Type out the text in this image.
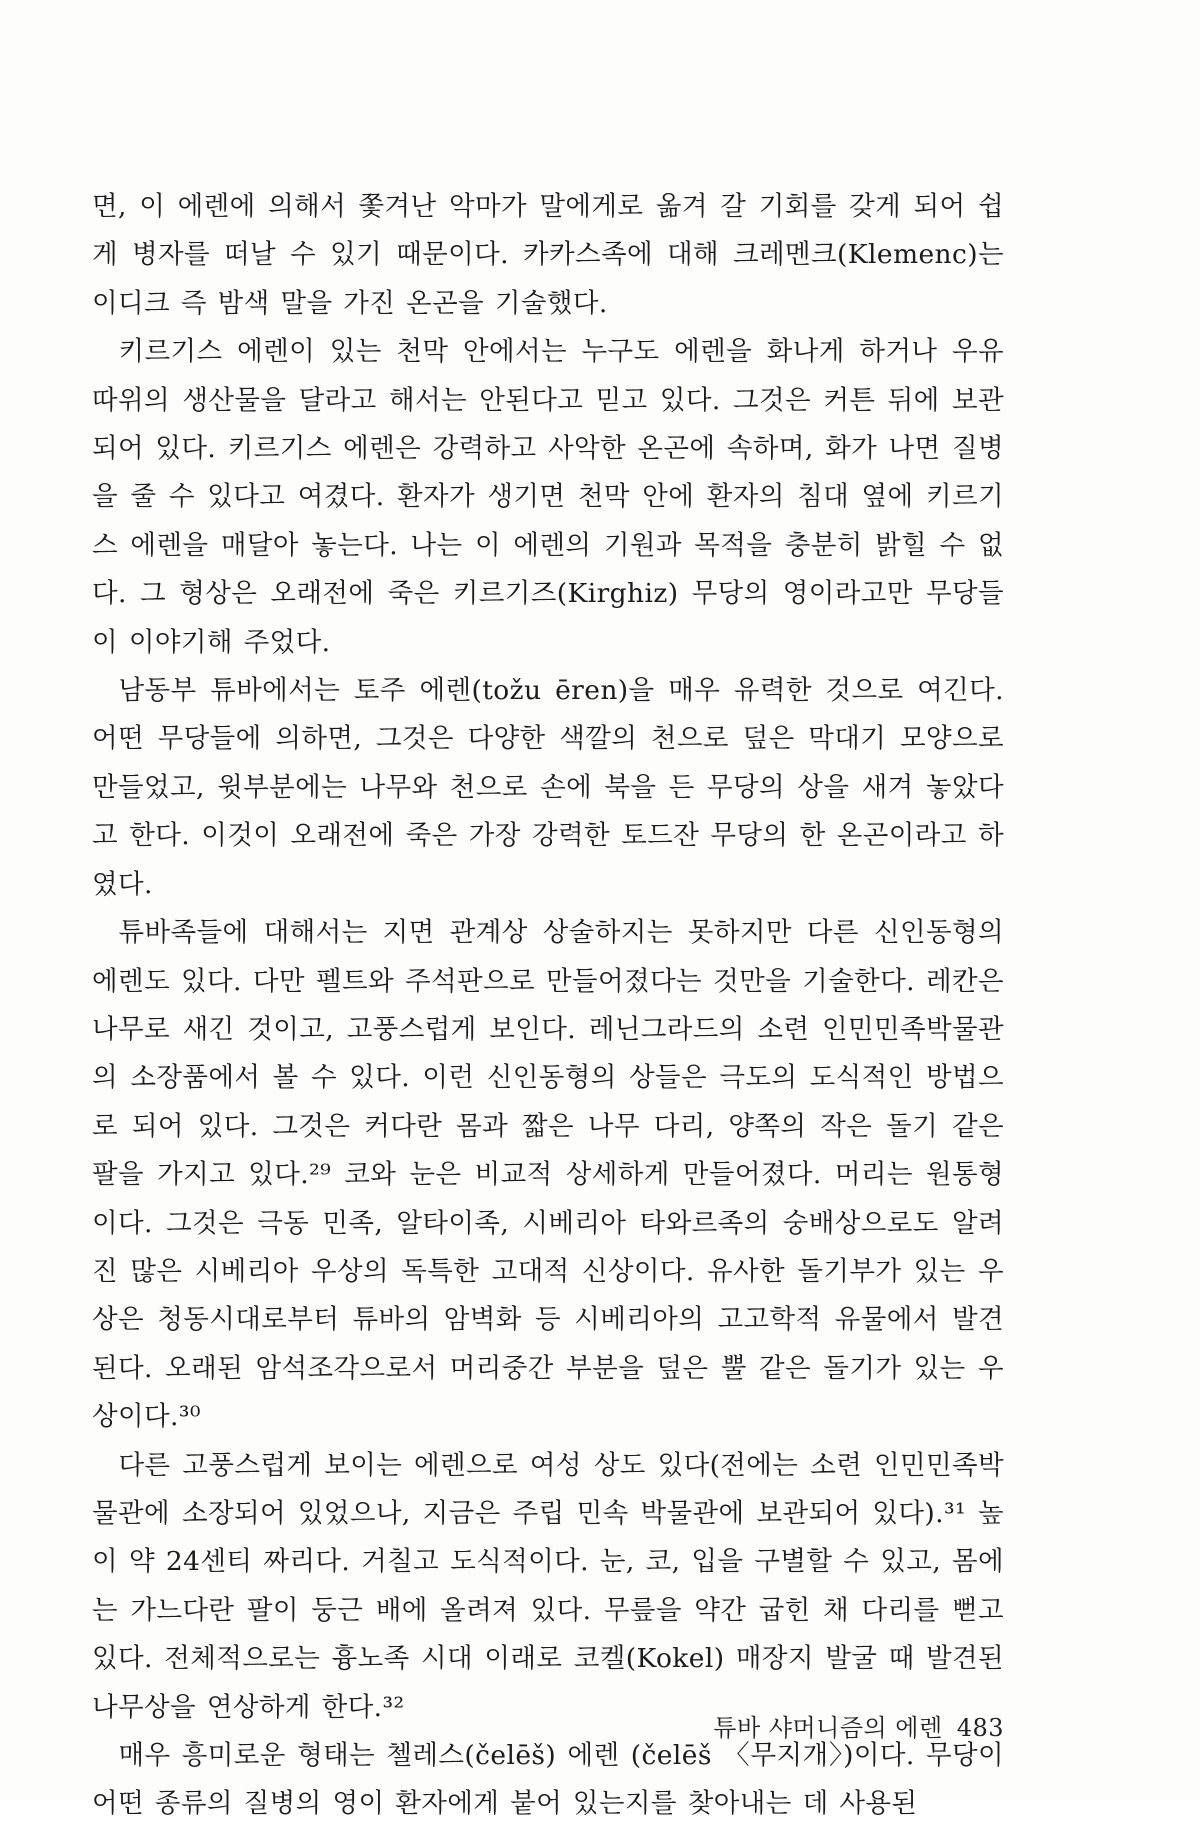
면, 이 에렌에 의해서 쫓겨난 악마가 말에게로 옮겨 갈 기회를 갖게 되어 쉽게 병자를 떠날 수 있기 때문이다. 카카스족에 대해 크레멘크(Klemenc)는 이디크 즉 밤색 말을 가진 온곤을 기술했다.

키르기스 에렌이 있는 천막 안에서는 누구도 에렌을 화나게 하거나 우유 따위의 생산물을 달라고 해서는 안된다고 믿고 있다. 그것은 커튼 뒤에 보관되어 있다. 키르기스 에렌은 강력하고 사악한 온곤에 속하며, 화가 나면 질병을 줄 수 있다고 여겼다. 환자가 생기면 천막 안에 환자의 침대 옆에 키르기스 에렌을 매달아 놓는다. 나는 이 에렌의 기원과 목적을 충분히 밝힐 수 없다. 그 형상은 오래전에 죽은 키르기즈(Kirghiz) 무당의 영이라고만 무당들이 이야기해 주었다.

남동부 튜바에서는 토주 에렌(tožu ēren)을 매우 유력한 것으로 여긴다. 어떤 무당들에 의하면, 그것은 다양한 색깔의 천으로 덮은 막대기 모양으로 만들었고, 윗부분에는 나무와 천으로 손에 북을 든 무당의 상을 새겨 놓았다고 한다. 이것이 오래전에 죽은 가장 강력한 토드잔 무당의 한 온곤이라고 하였다.

튜바족들에 대해서는 지면 관계상 상술하지는 못하지만 다른 신인동형의 에렌도 있다. 다만 펠트와 주석판으로 만들어졌다는 것만을 기술한다. 레칸은 나무로 새긴 것이고, 고풍스럽게 보인다. 레닌그라드의 소련 인민민족박물관의 소장품에서 볼 수 있다. 이런 신인동형의 상들은 극도의 도식적인 방법으로 되어 있다. 그것은 커다란 몸과 짧은 나무 다리, 양쪽의 작은 돌기 같은 팔을 가지고 있다.²⁹ 코와 눈은 비교적 상세하게 만들어졌다. 머리는 원통형이다. 그것은 극동 민족, 알타이족, 시베리아 타와르족의 숭배상으로도 알려진 많은 시베리아 우상의 독특한 고대적 신상이다. 유사한 돌기부가 있는 우상은 청동시대로부터 튜바의 암벽화 등 시베리아의 고고학적 유물에서 발견된다. 오래된 암석조각으로서 머리중간 부분을 덮은 뿔 같은 돌기가 있는 우상이다.³⁰

다른 고풍스럽게 보이는 에렌으로 여성 상도 있다(전에는 소련 인민민족박물관에 소장되어 있었으나, 지금은 주립 민속 박물관에 보관되어 있다).³¹ 높이 약 24센티 짜리다. 거칠고 도식적이다. 눈, 코, 입을 구별할 수 있고, 몸에는 가느다란 팔이 둥근 배에 올려져 있다. 무릎을 약간 굽힌 채 다리를 뻗고 있다. 전체적으로는 흉노족 시대 이래로 코켈(Kokel) 매장지 발굴 때 발견된 나무상을 연상하게 한다.³²

매우 흥미로운 형태는 첼레스(čelēš) 에렌 (čelēš 〈무지개〉)이다. 무당이 어떤 종류의 질병의 영이 환자에게 붙어 있는지를 찾아내는 데 사용된

튜바 샤머니즘의 에렌 483
